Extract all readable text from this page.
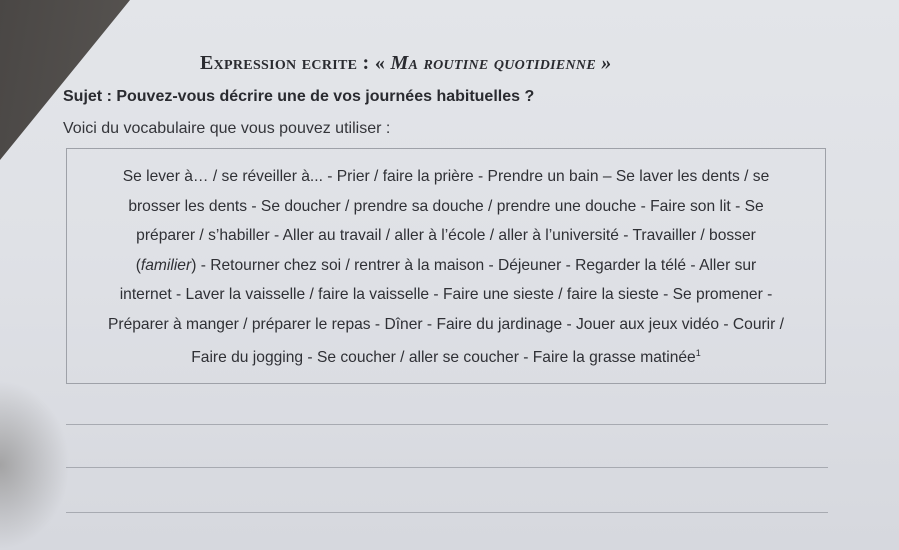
Expression ecrite : « Ma routine quotidienne »
Sujet : Pouvez-vous décrire une de vos journées habituelles ?
Voici du vocabulaire que vous pouvez utiliser :
Se lever à… / se réveiller à... - Prier / faire la prière - Prendre un bain – Se laver les dents / se
brosser les dents - Se doucher / prendre sa douche / prendre une douche - Faire son lit - Se
préparer / s’habiller - Aller au travail / aller à l’école / aller à l’université - Travailler / bosser
(familier) - Retourner chez soi / rentrer à la maison - Déjeuner - Regarder la télé - Aller sur
internet - Laver la vaisselle / faire la vaisselle - Faire une sieste / faire la sieste - Se promener -
Préparer à manger / préparer le repas - Dîner - Faire du jardinage - Jouer aux jeux vidéo - Courir /
Faire du jogging - Se coucher / aller se coucher - Faire la grasse matinée$^1$
